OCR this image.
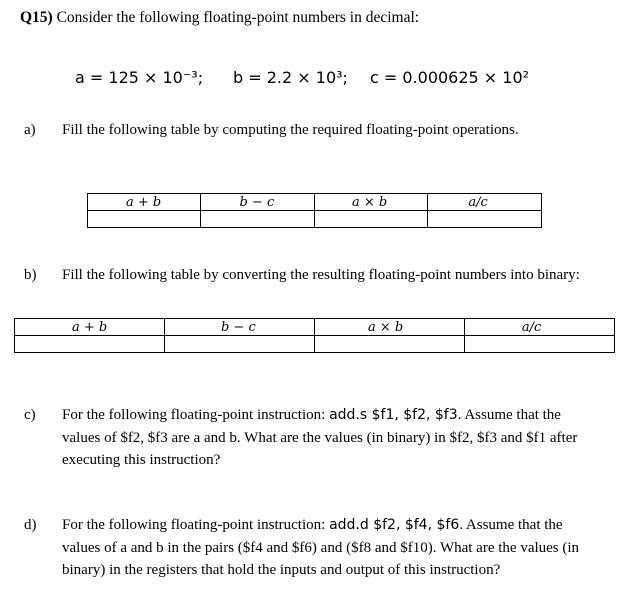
Q15) Consider the following floating-point numbers in decimal:
a = 125 × 10⁻³; b = 2.2 × 10³; c = 0.000625 × 10²
a) Fill the following table by computing the required floating-point operations.
a + b	b − c	a × b	a/c

b) Fill the following table by converting the resulting floating-point numbers into binary:
a + b	b − c	a × b	a/c

c) For the following floating-point instruction: add.s $f1, $f2, $f3. Assume that the
values of $f2, $f3 are a and b. What are the values (in binary) in $f2, $f3 and $f1 after
executing this instruction?
d) For the following floating-point instruction: add.d $f2, $f4, $f6. Assume that the
values of a and b in the pairs ($f4 and $f6) and ($f8 and $f10). What are the values (in
binary) in the registers that hold the inputs and output of this instruction?
